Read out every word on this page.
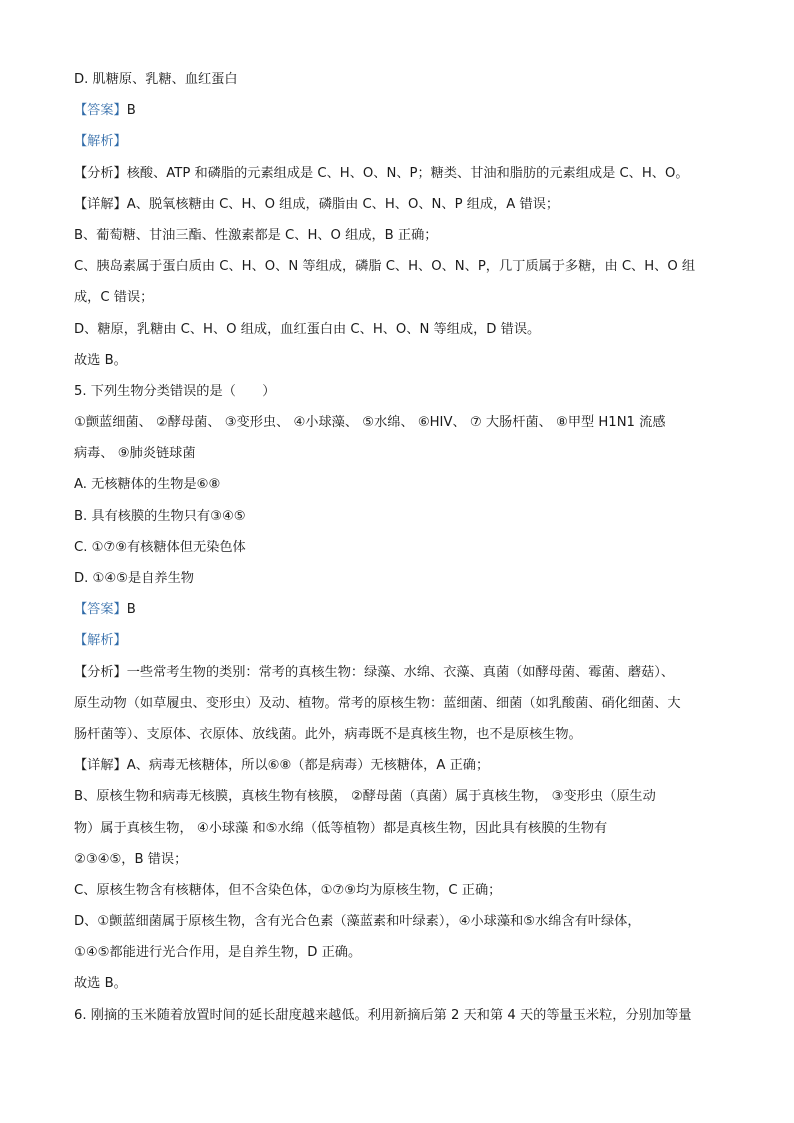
D. 肌糖原、乳糖、血红蛋白
【答案】B
【解析】
【分析】核酸、ATP 和磷脂的元素组成是 C、H、O、N、P；糖类、甘油和脂肪的元素组成是 C、H、O。
【详解】A、脱氧核糖由 C、H、O 组成，磷脂由 C、H、O、N、P 组成，A 错误；
B、葡萄糖、甘油三酯、性激素都是 C、H、O 组成，B 正确；
C、胰岛素属于蛋白质由 C、H、O、N 等组成，磷脂 C、H、O、N、P，几丁质属于多糖，由 C、H、O 组
成，C 错误；
D、糖原，乳糖由 C、H、O 组成，血红蛋白由 C、H、O、N 等组成，D 错误。
故选 B。
5. 下列生物分类错误的是（　　）
①颤蓝细菌、 ②酵母菌、 ③变形虫、 ④小球藻、 ⑤水绵、 ⑥HIV、 ⑦ 大肠杆菌、 ⑧甲型 H1N1 流感
病毒、 ⑨肺炎链球菌
A. 无核糖体的生物是⑥⑧
B. 具有核膜的生物只有③④⑤
C. ①⑦⑨有核糖体但无染色体
D. ①④⑤是自养生物
【答案】B
【解析】
【分析】一些常考生物的类别：常考的真核生物：绿藻、水绵、衣藻、真菌（如酵母菌、霉菌、蘑菇）、
原生动物（如草履虫、变形虫）及动、植物。常考的原核生物：蓝细菌、细菌（如乳酸菌、硝化细菌、大
肠杆菌等）、支原体、衣原体、放线菌。此外，病毒既不是真核生物，也不是原核生物。
【详解】A、病毒无核糖体，所以⑥⑧（都是病毒）无核糖体，A 正确；
B、原核生物和病毒无核膜，真核生物有核膜， ②酵母菌（真菌）属于真核生物， ③变形虫（原生动
物）属于真核生物， ④小球藻 和⑤水绵（低等植物）都是真核生物，因此具有核膜的生物有
②③④⑤，B 错误；
C、原核生物含有核糖体，但不含染色体，①⑦⑨均为原核生物，C 正确；
D、①颤蓝细菌属于原核生物，含有光合色素（藻蓝素和叶绿素），④小球藻和⑤水绵含有叶绿体，
①④⑤都能进行光合作用，是自养生物，D 正确。
故选 B。
6. 刚摘的玉米随着放置时间的延长甜度越来越低。利用新摘后第 2 天和第 4 天的等量玉米粒，分别加等量
